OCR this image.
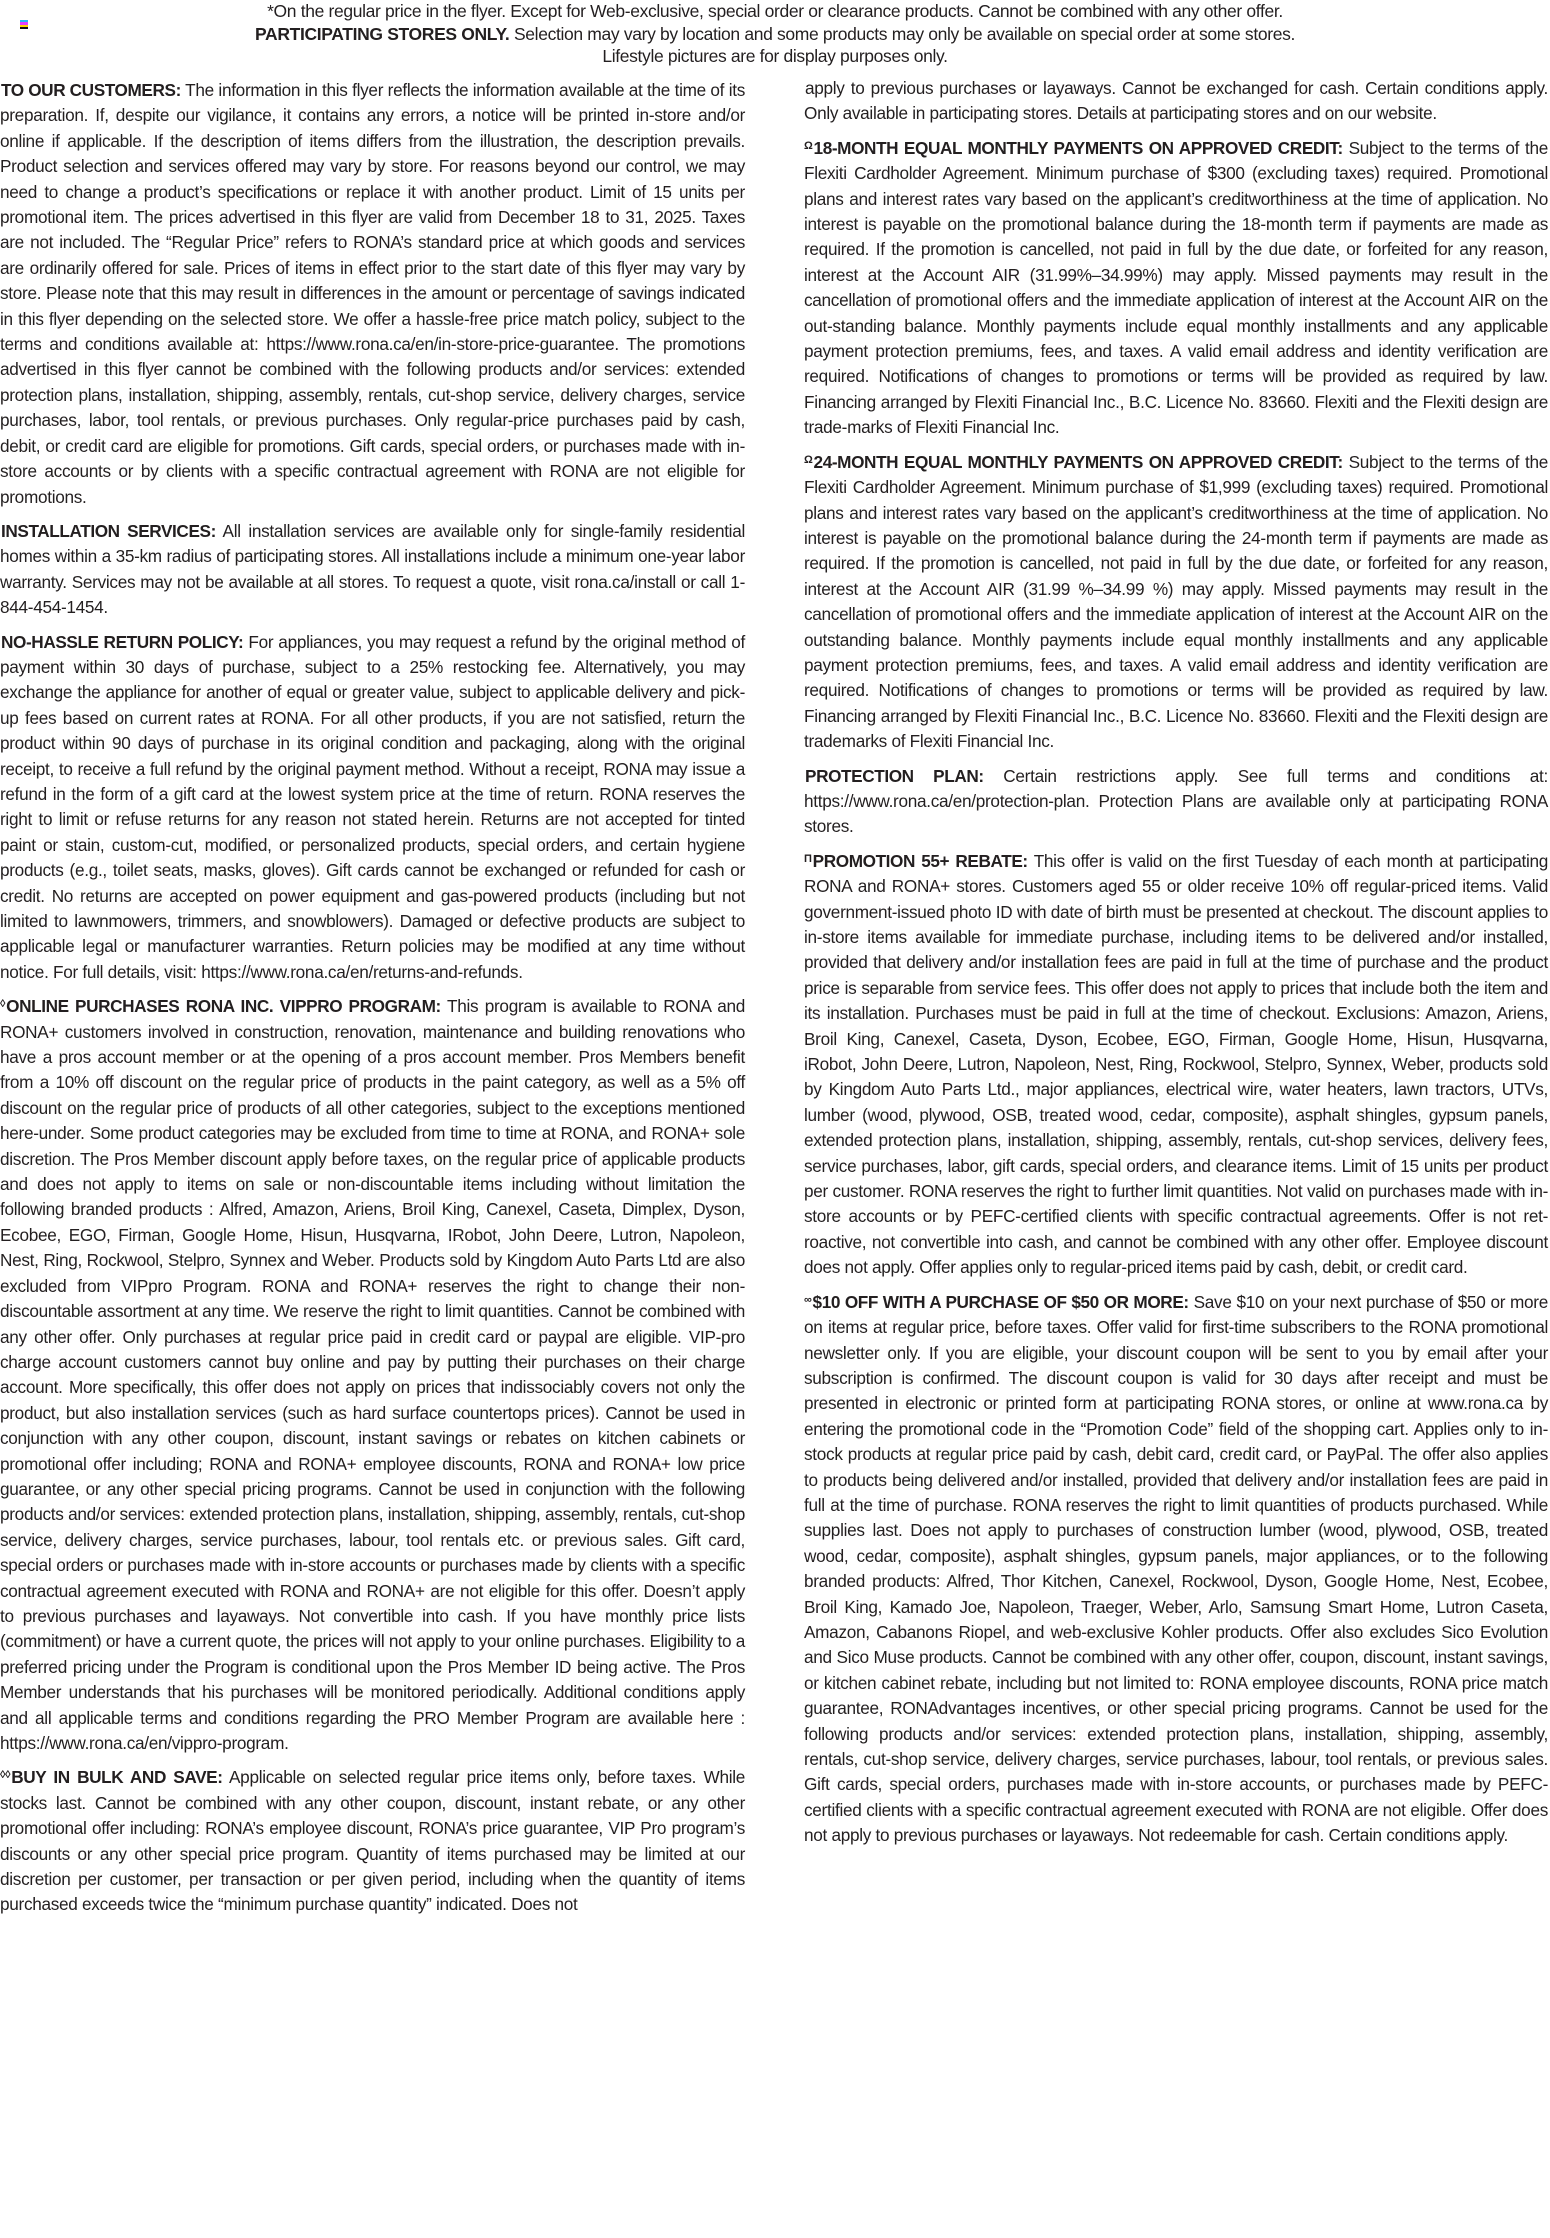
*On the regular price in the flyer. Except for Web-exclusive, special order or clearance products. Cannot be combined with any other offer.
PARTICIPATING STORES ONLY. Selection may vary by location and some products may only be available on special order at some stores.
Lifestyle pictures are for display purposes only.

TO OUR CUSTOMERS: The information in this flyer reflects the information available at the time of its preparation. If, despite our vigilance, it contains any errors, a notice will be printed in-store and/or online if applicable. If the description of items differs from the illustration, the description prevails. Product selection and services offered may vary by store. For reasons beyond our control, we may need to change a product’s specifications or replace it with another product. Limit of 15 units per promotional item. The prices advertised in this flyer are valid from December 18 to 31, 2025. Taxes are not included. The “Regular Price” refers to RONA’s standard price at which goods and services are ordinarily offered for sale. Prices of items in effect prior to the start date of this flyer may vary by store. Please note that this may result in differences in the amount or percentage of savings indicated in this flyer depending on the selected store. We offer a hassle-free price match policy, subject to the terms and conditions available at: https://www.rona.ca/en/in-store-price-guarantee. The promotions advertised in this flyer cannot be combined with the following products and/or services: extended protection plans, installation, shipping, assembly, rentals, cut-shop service, delivery charges, service purchases, labor, tool rentals, or previous purchases. Only regular-price purchases paid by cash, debit, or credit card are eligible for promotions. Gift cards, special orders, or purchases made with in-store accounts or by clients with a specific contractual agreement with RONA are not eligible for promotions.

INSTALLATION SERVICES: All installation services are available only for single-family residential homes within a 35-km radius of participating stores. All installations include a minimum one-year labor warranty. Services may not be available at all stores. To request a quote, visit rona.ca/install or call 1-844-454-1454.

NO-HASSLE RETURN POLICY: For appliances, you may request a refund by the original method of payment within 30 days of purchase, subject to a 25% restocking fee. Alternatively, you may exchange the appliance for another of equal or greater value, subject to applicable delivery and pick-up fees based on current rates at RONA. For all other products, if you are not satisfied, return the product within 90 days of purchase in its original condition and packaging, along with the original receipt, to receive a full refund by the original payment method. Without a receipt, RONA may issue a refund in the form of a gift card at the lowest system price at the time of return. RONA reserves the right to limit or refuse returns for any reason not stated herein. Returns are not accepted for tinted paint or stain, custom-cut, modified, or personalized products, special orders, and certain hygiene products (e.g., toilet seats, masks, gloves). Gift cards cannot be exchanged or refunded for cash or credit. No returns are accepted on power equipment and gas-powered products (including but not limited to lawnmowers, trimmers, and snowblowers). Damaged or defective products are subject to applicable legal or manufacturer warranties. Return policies may be modified at any time without notice. For full details, visit: https://www.rona.ca/en/returns-and-refunds.

◊ONLINE PURCHASES RONA INC. VIPPRO PROGRAM: This program is available to RONA and RONA+ customers involved in construction, renovation, maintenance and building renovations who have a pros account member or at the opening of a pros account member. Pros Members benefit from a 10% off discount on the regular price of products in the paint category, as well as a 5% off discount on the regular price of products of all other categories, subject to the exceptions mentioned here-under. Some product categories may be excluded from time to time at RONA, and RONA+ sole discretion. The Pros Member discount apply before taxes, on the regular price of applicable products and does not apply to items on sale or non-discountable items including without limitation the following branded products : Alfred, Amazon, Ariens, Broil King, Canexel, Caseta, Dimplex, Dyson, Ecobee, EGO, Firman, Google Home, Hisun, Husqvarna, IRobot, John Deere, Lutron, Napoleon, Nest, Ring, Rockwool, Stelpro, Synnex and Weber. Products sold by Kingdom Auto Parts Ltd are also excluded from VIPpro Program. RONA and RONA+ reserves the right to change their non-discountable assortment at any time. We reserve the right to limit quantities. Cannot be combined with any other offer. Only purchases at regular price paid in credit card or paypal are eligible. VIP-pro charge account customers cannot buy online and pay by putting their purchases on their charge account. More specifically, this offer does not apply on prices that indissociably covers not only the product, but also installation services (such as hard surface countertops prices). Cannot be used in conjunction with any other coupon, discount, instant savings or rebates on kitchen cabinets or promotional offer including; RONA and RONA+ employee discounts, RONA and RONA+ low price guarantee, or any other special pricing programs. Cannot be used in conjunction with the following products and/or services: extended protection plans, installation, shipping, assembly, rentals, cut-shop service, delivery charges, service purchases, labour, tool rentals etc. or previous sales. Gift card, special orders or purchases made with in-store accounts or purchases made by clients with a specific contractual agreement executed with RONA and RONA+ are not eligible for this offer. Doesn’t apply to previous purchases and layaways. Not convertible into cash. If you have monthly price lists (commitment) or have a current quote, the prices will not apply to your online purchases. Eligibility to a preferred pricing under the Program is conditional upon the Pros Member ID being active. The Pros Member understands that his purchases will be monitored periodically. Additional conditions apply and all applicable terms and conditions regarding the PRO Member Program are available here : https://www.rona.ca/en/vippro-program.

◊◊BUY IN BULK AND SAVE: Applicable on selected regular price items only, before taxes. While stocks last. Cannot be combined with any other coupon, discount, instant rebate, or any other promotional offer including: RONA’s employee discount, RONA’s price guarantee, VIP Pro program’s discounts or any other special price program. Quantity of items purchased may be limited at our discretion per customer, per transaction or per given period, including when the quantity of items purchased exceeds twice the “minimum purchase quantity” indicated. Does not

apply to previous purchases or layaways. Cannot be exchanged for cash. Certain conditions apply. Only available in participating stores. Details at participating stores and on our website.

$^\Omega$18-MONTH EQUAL MONTHLY PAYMENTS ON APPROVED CREDIT: Subject to the terms of the Flexiti Cardholder Agreement. Minimum purchase of $300 (excluding taxes) required. Promotional plans and interest rates vary based on the applicant’s creditworthiness at the time of application. No interest is payable on the promotional balance during the 18-month term if payments are made as required. If the promotion is cancelled, not paid in full by the due date, or forfeited for any reason, interest at the Account AIR (31.99%–34.99%) may apply. Missed payments may result in the cancellation of promotional offers and the immediate application of interest at the Account AIR on the out-standing balance. Monthly payments include equal monthly installments and any applicable payment protection premiums, fees, and taxes. A valid email address and identity verification are required. Notifications of changes to promotions or terms will be provided as required by law. Financing arranged by Flexiti Financial Inc., B.C. Licence No. 83660. Flexiti and the Flexiti design are trade-marks of Flexiti Financial Inc.

$^\Omega$24-MONTH EQUAL MONTHLY PAYMENTS ON APPROVED CREDIT: Subject to the terms of the Flexiti Cardholder Agreement. Minimum purchase of $1,999 (excluding taxes) required. Promotional plans and interest rates vary based on the applicant’s creditworthiness at the time of application. No interest is payable on the promotional balance during the 24-month term if payments are made as required. If the promotion is cancelled, not paid in full by the due date, or forfeited for any reason, interest at the Account AIR (31.99 %–34.99 %) may apply. Missed payments may result in the cancellation of promotional offers and the immediate application of interest at the Account AIR on the outstanding balance. Monthly payments include equal monthly installments and any applicable payment protection premiums, fees, and taxes. A valid email address and identity verification are required. Notifications of changes to promotions or terms will be provided as required by law. Financing arranged by Flexiti Financial Inc., B.C. Licence No. 83660. Flexiti and the Flexiti design are trademarks of Flexiti Financial Inc.

PROTECTION PLAN: Certain restrictions apply. See full terms and conditions at: https://www.rona.ca/en/protection-plan. Protection Plans are available only at participating RONA stores.

$^\Pi$PROMOTION 55+ REBATE: This offer is valid on the first Tuesday of each month at participating RONA and RONA+ stores. Customers aged 55 or older receive 10% off regular-priced items. Valid government-issued photo ID with date of birth must be presented at checkout. The discount applies to in-store items available for immediate purchase, including items to be delivered and/or installed, provided that delivery and/or installation fees are paid in full at the time of purchase and the product price is separable from service fees. This offer does not apply to prices that include both the item and its installation. Purchases must be paid in full at the time of checkout. Exclusions: Amazon, Ariens, Broil King, Canexel, Caseta, Dyson, Ecobee, EGO, Firman, Google Home, Hisun, Husqvarna, iRobot, John Deere, Lutron, Napoleon, Nest, Ring, Rockwool, Stelpro, Synnex, Weber, products sold by Kingdom Auto Parts Ltd., major appliances, electrical wire, water heaters, lawn tractors, UTVs, lumber (wood, plywood, OSB, treated wood, cedar, composite), asphalt shingles, gypsum panels, extended protection plans, installation, shipping, assembly, rentals, cut-shop services, delivery fees, service purchases, labor, gift cards, special orders, and clearance items. Limit of 15 units per product per customer. RONA reserves the right to further limit quantities. Not valid on purchases made with in-store accounts or by PEFC-certified clients with specific contractual agreements. Offer is not ret-roactive, not convertible into cash, and cannot be combined with any other offer. Employee discount does not apply. Offer applies only to regular-priced items paid by cash, debit, or credit card.

∞$10 OFF WITH A PURCHASE OF $50 OR MORE: Save $10 on your next purchase of $50 or more on items at regular price, before taxes. Offer valid for first-time subscribers to the RONA promotional newsletter only. If you are eligible, your discount coupon will be sent to you by email after your subscription is confirmed. The discount coupon is valid for 30 days after receipt and must be presented in electronic or printed form at participating RONA stores, or online at www.rona.ca by entering the promotional code in the “Promotion Code” field of the shopping cart. Applies only to in-stock products at regular price paid by cash, debit card, credit card, or PayPal. The offer also applies to products being delivered and/or installed, provided that delivery and/or installation fees are paid in full at the time of purchase. RONA reserves the right to limit quantities of products purchased. While supplies last. Does not apply to purchases of construction lumber (wood, plywood, OSB, treated wood, cedar, composite), asphalt shingles, gypsum panels, major appliances, or to the following branded products: Alfred, Thor Kitchen, Canexel, Rockwool, Dyson, Google Home, Nest, Ecobee, Broil King, Kamado Joe, Napoleon, Traeger, Weber, Arlo, Samsung Smart Home, Lutron Caseta, Amazon, Cabanons Riopel, and web-exclusive Kohler products. Offer also excludes Sico Evolution and Sico Muse products. Cannot be combined with any other offer, coupon, discount, instant savings, or kitchen cabinet rebate, including but not limited to: RONA employee discounts, RONA price match guarantee, RONAdvantages incentives, or other special pricing programs. Cannot be used for the following products and/or services: extended protection plans, installation, shipping, assembly, rentals, cut-shop service, delivery charges, service purchases, labour, tool rentals, or previous sales. Gift cards, special orders, purchases made with in-store accounts, or purchases made by PEFC-certified clients with a specific contractual agreement executed with RONA are not eligible. Offer does not apply to previous purchases or layaways. Not redeemable for cash. Certain conditions apply.
